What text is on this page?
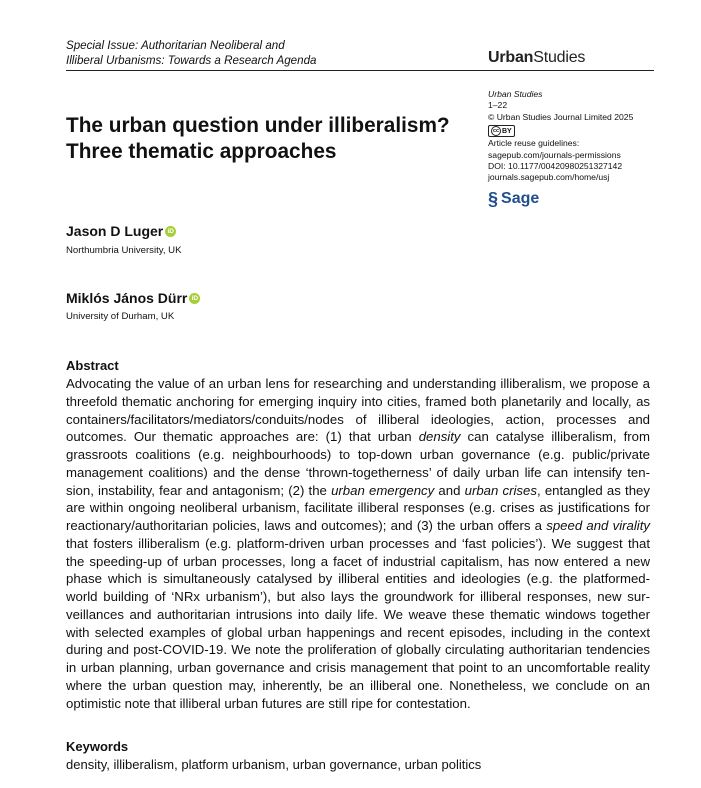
Special Issue: Authoritarian Neoliberal and
Illiberal Urbanisms: Towards a Research Agenda	UrbanStudies
Urban Studies
1–22
© Urban Studies Journal Limited 2025
cc BY
Article reuse guidelines:
sagepub.com/journals-permissions
DOI: 10.1177/00420980251327142
journals.sagepub.com/home/usj
§ Sage
The urban question under illiberalism? Three thematic approaches
Jason D Luger iD
Northumbria University, UK
Miklós János Dürr iD
University of Durham, UK
Abstract
Advocating the value of an urban lens for researching and understanding illiberalism, we propose a threefold thematic anchoring for emerging inquiry into cities, framed both planetarily and locally, as containers/facilitators/mediators/conduits/nodes of illiberal ideologies, action, processes and outcomes. Our thematic approaches are: (1) that urban density can catalyse illiberalism, from grassroots coalitions (e.g. neighbourhoods) to top-down urban governance (e.g. public/private management coalitions) and the dense ‘thrown-togetherness’ of daily urban life can intensify tension, instability, fear and antagonism; (2) the urban emergency and urban crises, entangled as they are within ongoing neoliberal urbanism, facilitate illiberal responses (e.g. crises as justifications for reactionary/authoritarian policies, laws and outcomes); and (3) the urban offers a speed and virality that fosters illiberalism (e.g. platform-driven urban processes and ‘fast policies’). We suggest that the speeding-up of urban processes, long a facet of industrial capitalism, has now entered a new phase which is simultaneously catalysed by illiberal entities and ideologies (e.g. the platformed-world building of ‘NRx urbanism’), but also lays the groundwork for illiberal responses, new surveillances and authoritarian intrusions into daily life. We weave these thematic windows together with selected examples of global urban happenings and recent episodes, including in the context during and post-COVID-19. We note the proliferation of globally circulating authoritarian tendencies in urban planning, urban governance and crisis management that point to an uncomfortable reality where the urban question may, inherently, be an illiberal one. Nonetheless, we conclude on an optimistic note that illiberal urban futures are still ripe for contestation.
Keywords
density, illiberalism, platform urbanism, urban governance, urban politics
